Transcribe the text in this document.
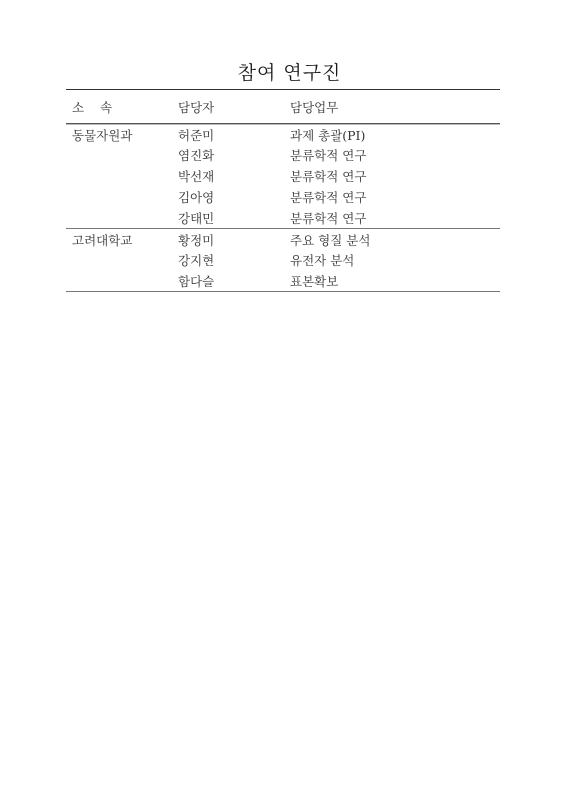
참여 연구진
소 속	담당자	담당업무
동물자원과	허준미	과제 총괄(PI)
	염진화	분류학적 연구
	박선재	분류학적 연구
	김아영	분류학적 연구
	강태민	분류학적 연구
고려대학교	황정미	주요 형질 분석
	강지현	유전자 분석
	함다슬	표본확보
